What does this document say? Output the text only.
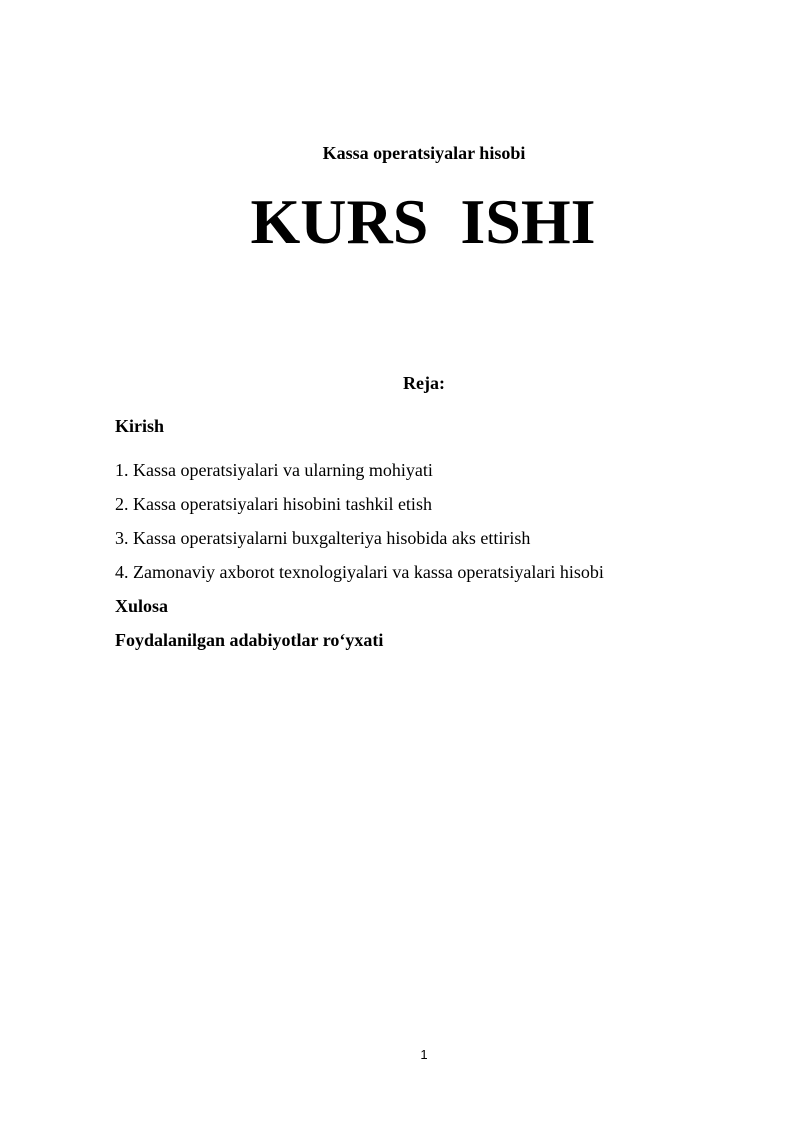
Kassa operatsiyalar hisobi
KURS  ISHI
Reja:
Kirish
1. Kassa operatsiyalari va ularning mohiyati
2. Kassa operatsiyalari hisobini tashkil etish
3. Kassa operatsiyalarni buxgalteriya hisobida aks ettirish
4. Zamonaviy axborot texnologiyalari va kassa operatsiyalari hisobi
Xulosa
Foydalanilgan adabiyotlar ro‘yxati
1
